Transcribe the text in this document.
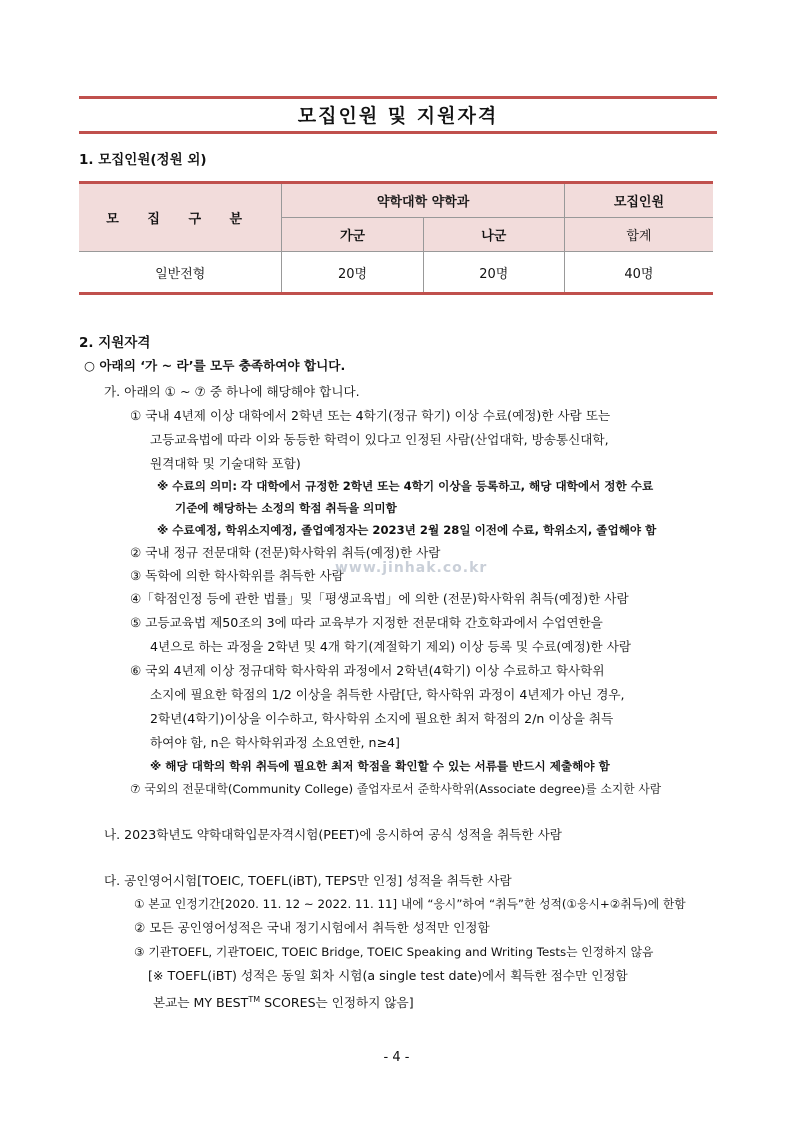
모집인원 및 지원자격
1. 모집인원(정원 외)
모 집 구 분	약학대학 약학과		모집인원
	가군	나군	합계
일반전형	20명	20명	40명
2. 지원자격
○ 아래의 ‘가 ~ 라’를 모두 충족하여야 합니다.
가. 아래의 ① ~ ⑦ 중 하나에 해당해야 합니다.
① 국내 4년제 이상 대학에서 2학년 또는 4학기(정규 학기) 이상 수료(예정)한 사람 또는
고등교육법에 따라 이와 동등한 학력이 있다고 인정된 사람(산업대학, 방송통신대학,
원격대학 및 기술대학 포함)
※ 수료의 의미: 각 대학에서 규정한 2학년 또는 4학기 이상을 등록하고, 해당 대학에서 정한 수료
기준에 해당하는 소정의 학점 취득을 의미함
※ 수료예정, 학위소지예정, 졸업예정자는 2023년 2월 28일 이전에 수료, 학위소지, 졸업해야 함
② 국내 정규 전문대학 (전문)학사학위 취득(예정)한 사람
③ 독학에 의한 학사학위를 취득한 사람
④「학점인정 등에 관한 법률」및「평생교육법」에 의한 (전문)학사학위 취득(예정)한 사람
⑤ 고등교육법 제50조의 3에 따라 교육부가 지정한 전문대학 간호학과에서 수업연한을
4년으로 하는 과정을 2학년 및 4개 학기(계절학기 제외) 이상 등록 및 수료(예정)한 사람
⑥ 국외 4년제 이상 정규대학 학사학위 과정에서 2학년(4학기) 이상 수료하고 학사학위
소지에 필요한 학점의 1/2 이상을 취득한 사람[단, 학사학위 과정이 4년제가 아닌 경우,
2학년(4학기)이상을 이수하고, 학사학위 소지에 필요한 최저 학점의 2/n 이상을 취득
하여야 함, n은 학사학위과정 소요연한, n≥4]
※ 해당 대학의 학위 취득에 필요한 최저 학점을 확인할 수 있는 서류를 반드시 제출해야 함
⑦ 국외의 전문대학(Community College) 졸업자로서 준학사학위(Associate degree)를 소지한 사람
나. 2023학년도 약학대학입문자격시험(PEET)에 응시하여 공식 성적을 취득한 사람
다. 공인영어시험[TOEIC, TOEFL(iBT), TEPS만 인정] 성적을 취득한 사람
① 본교 인정기간[2020. 11. 12 ~ 2022. 11. 11] 내에 “응시”하여 “취득”한 성적(①응시+②취득)에 한함
② 모든 공인영어성적은 국내 정기시험에서 취득한 성적만 인정함
③ 기관TOEFL, 기관TOEIC, TOEIC Bridge, TOEIC Speaking and Writing Tests는 인정하지 않음
[※ TOEFL(iBT) 성적은 동일 회차 시험(a single test date)에서 획득한 점수만 인정함
본교는 MY BEST™ SCORES는 인정하지 않음]
www.jinhak.co.kr
- 4 -
